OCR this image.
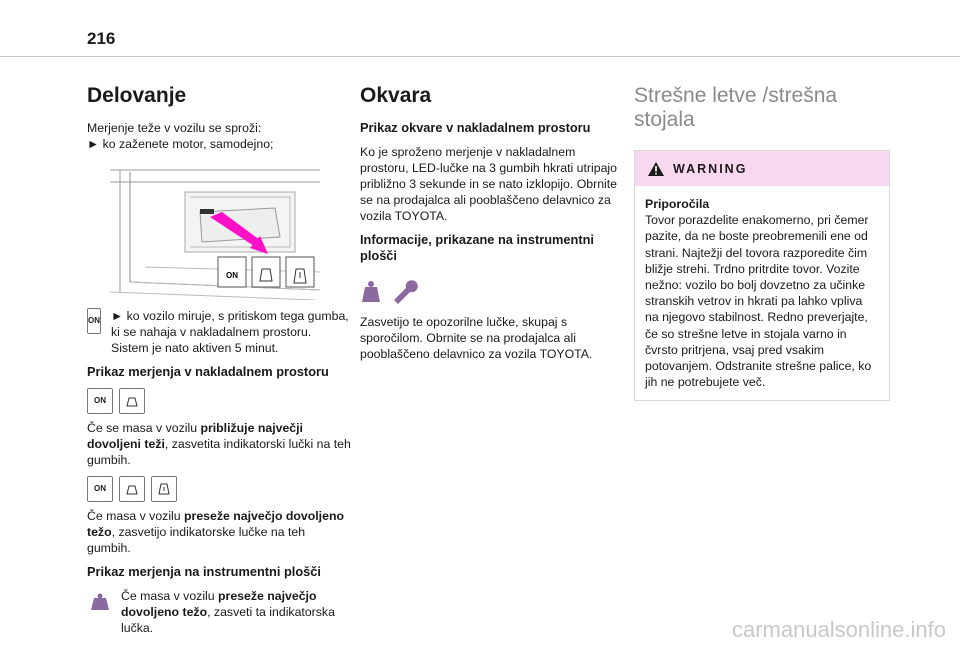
216
Delovanje

Merjenje teže v vozilu se sproži:

► ko zaženete motor, samodejno;

ON
ON ► ko vozilo miruje, s pritiskom tega gumba, ki se nahaja v nakladalnem prostoru. Sistem je nato aktiven 5 minut.

Prikaz merjenja v nakladalnem prostoru
ON

Če se masa v vozilu približuje največji dovoljeni teži, zasvetita indikatorski lučki na teh gumbih.

ON

Če masa v vozilu preseže največjo dovoljeno težo, zasvetijo indikatorske lučke na teh gumbih.

Prikaz merjenja na instrumentni plošči

Če masa v vozilu preseže največjo dovoljeno težo, zasveti ta indikatorska lučka.

Okvara
Prikaz okvare v nakladalnem prostoru

Ko je sproženo merjenje v nakladalnem prostoru, LED-lučke na 3 gumbih hkrati utripajo približno 3 sekunde in se nato izklopijo. Obrnite se na prodajalca ali pooblaščeno delavnico za vozila TOYOTA.

Informacije, prikazane na instrumentni plošči

Zasvetijo te opozorilne lučke, skupaj s sporočilom. Obrnite se na prodajalca ali pooblaščeno delavnico za vozila TOYOTA.

Strešne letve /strešna stojala
WARNING

Priporočila

Tovor porazdelite enakomerno, pri čemer pazite, da ne boste preobremenili ene od strani. Najtežji del tovora razporedite čim bližje strehi. Trdno pritrdite tovor. Vozite nežno: vozilo bo bolj dovzetno za učinke stranskih vetrov in hkrati pa lahko vpliva na njegovo stabilnost. Redno preverjajte, če so strešne letve in stojala varno in čvrsto pritrjena, vsaj pred vsakim potovanjem. Odstranite strešne palice, ko jih ne potrebujete več.

carmanualsonline.info
